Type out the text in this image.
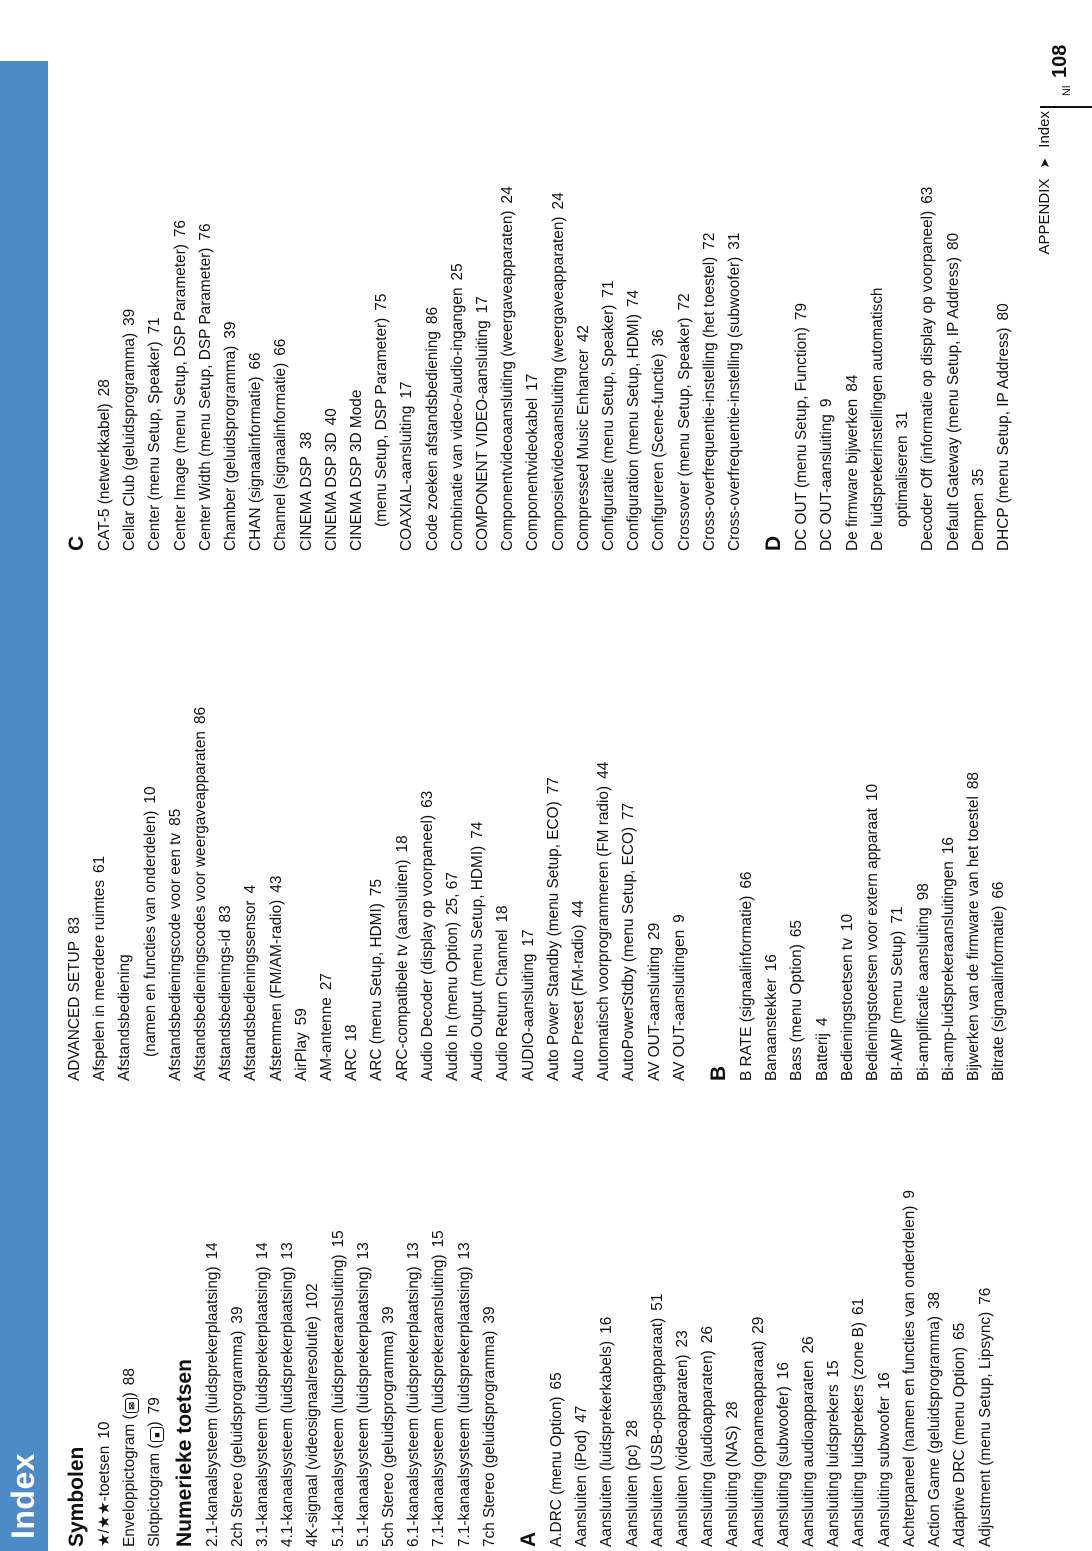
Index Symbolen ★/★★-toetsen10 Enveloppictogram (✉)88
Slotpictogram (■)79 Numerieke toetsen 2.1-kanaalsysteem (luidsprekerplaatsing)14
2ch Stereo (geluidsprogramma)39 3.1-kanaalsysteem (luidsprekerplaatsing)14
4.1-kanaalsysteem (luidsprekerplaatsing)13
4K-signaal (videosignaalresolutie)102 5.1-kanaalsysteem (luidsprekeraansluiting)15
5.1-kanaalsysteem (luidsprekerplaatsing)13
5ch Stereo (geluidsprogramma)39 6.1-kanaalsysteem (luidsprekerplaatsing)13
7.1-kanaalsysteem (luidsprekeraansluiting)15
7.1-kanaalsysteem (luidsprekerplaatsing)13
7ch Stereo (geluidsprogramma)39
A A.DRC (menu Option)65
Aansluiten (iPod)47 Aansluiten (luidsprekerkabels)16
Aansluiten (pc)28 Aansluiten (USB-opslagapparaat)51
Aansluiten (videoapparaten)23
Aansluiting (audioapparaten)26
Aansluiting (NAS)28 Aansluiting (opnameapparaat)29
Aansluiting (subwoofer)16 Aansluiting audioapparaten26
Aansluiting luidsprekers15 Aansluiting luidsprekers (zone B)61
Aansluiting subwoofer16 Achterpaneel (namen en functies van onderdelen)9
Action Game (geluidsprogramma)38
Adaptive DRC (menu Option)65 Adjustment (menu Setup, Lipsync)76
ADVANCED SETUP83 Afspelen in meerdere ruimtes61
Afstandsbediening (namen en functies van onderdelen)10
Afstandsbedieningscode voor een tv85 Afstandsbedieningscodes voor weergaveapparaten86
Afstandsbedienings-id83 Afstandsbedieningssensor4
Afstemmen (FM/AM-radio)43
AirPlay59 AM-antenne27
ARC18 ARC (menu Setup, HDMI)75 ARC-compatibele tv (aansluiten)18 Audio Decoder (display op voorpaneel)63
Audio In (menu Option)25, 67 Audio Output (menu Setup, HDMI)74
Audio Return Channel18
AUDIO-aansluiting17 Auto Power Standby (menu Setup, ECO)77
Auto Preset (FM-radio)44 Automatisch voorprogrammeren (FM radio)44
AutoPowerStdby (menu Setup, ECO)77
AV OUT-aansluiting29 AV OUT-aansluitingen9
B B RATE (signaalinformatie)66
Banaanstekker16 Bass (menu Option)65
Batterij4 Bedieningstoetsen tv10 Bedieningstoetsen voor extern apparaat10
BI-AMP (menu Setup)71 Bi-amplificatie aansluiting98 Bi-amp-luidsprekeraansluitingen16 Bijwerken van de firmware van het toestel88
Bitrate (signaalinformatie)66
C CAT-5 (netwerkkabel)28 Cellar Club (geluidsprogramma)39
Center (menu Setup, Speaker)71 Center Image (menu Setup, DSP Parameter)76
Center Width (menu Setup, DSP Parameter)76
Chamber (geluidsprogramma)39
CHAN (signaalinformatie)66
Channel (signaalinformatie)66
CINEMA DSP38 CINEMA DSP 3D40 CINEMA DSP 3D Mode (menu Setup, DSP Parameter)75
COAXIAL-aansluiting17 Code zoeken afstandsbediening86 Combinatie van video-/audio-ingangen25
COMPONENT VIDEO-aansluiting17 Componentvideoaansluiting (weergaveapparaten)24
Componentvideokabel17 Composietvideoaansluiting (weergaveapparaten)24
Compressed Music Enhancer42 Configuratie (menu Setup, Speaker)71
Configuration (menu Setup, HDMI)74
Configureren (Scene-functie)36 Crossover (menu Setup, Speaker)72 Cross-overfrequentie-instelling (het toestel)72
Cross-overfrequentie-instelling (subwoofer)31
D DC OUT (menu Setup, Function)79
DC OUT-aansluiting9 De firmware bijwerken84 De luidsprekerinstellingen automatisch optimaliseren31 Decoder Off (informatie op display op voorpaneel)63
Default Gateway (menu Setup, IP Address)80
Dempen35 DHCP (menu Setup, IP Address)80
APPENDIX➤Index
Nl
108
